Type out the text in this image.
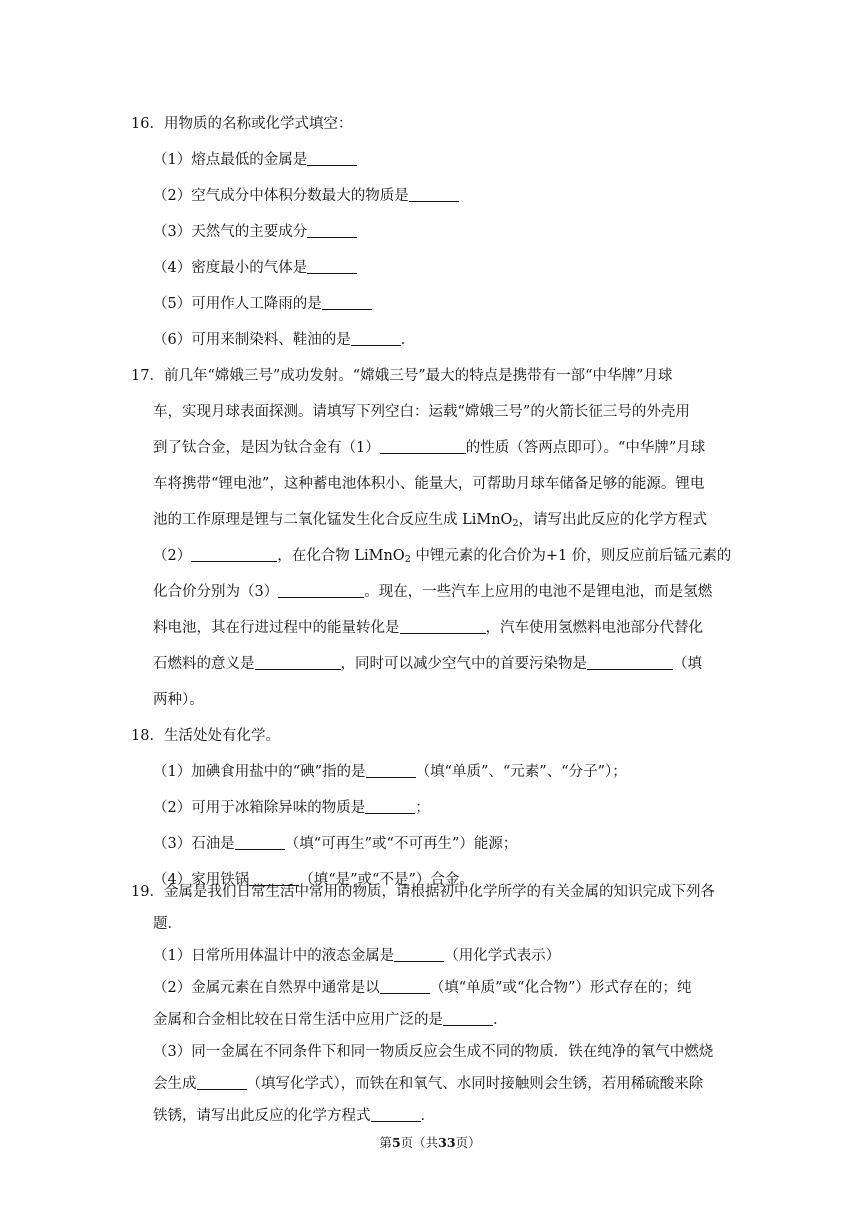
16．用物质的名称或化学式填空：
（1）熔点最低的金属是
（2）空气成分中体积分数最大的物质是
（3）天然气的主要成分
（4）密度最小的气体是
（5）可用作人工降雨的是
（6）可用来制染料、鞋油的是	．
17．前几年“嫦娥三号”成功发射。“嫦娥三号”最大的特点是携带有一部“中华牌”月球
车，实现月球表面探测。请填写下列空白：运载“嫦娥三号”的火箭长征三号的外壳用
到了钛合金，是因为钛合金有（1）	的性质（答两点即可）。“中华牌”月球
车将携带“锂电池”，这种蓄电池体积小、能量大，可帮助月球车储备足够的能源。锂电
池的工作原理是锂与二氧化锰发生化合反应生成 LiMnO$_2$，请写出此反应的化学方程式
（2）	，在化合物 LiMnO$_2$ 中锂元素的化合价为+1 价，则反应前后锰元素的
化合价分别为（3）	。现在，一些汽车上应用的电池不是锂电池，而是氢燃
料电池，其在行进过程中的能量转化是	，汽车使用氢燃料电池部分代替化
石燃料的意义是	，同时可以减少空气中的首要污染物是	（填
两种）。
18．生活处处有化学。
（1）加碘食用盐中的“碘”指的是	（填“单质”、“元素”、“分子”）；
（2）可用于冰箱除异味的物质是	；
（3）石油是	（填“可再生”或“不可再生”）能源；
（4）家用铁锅	（填“是”或“不是”）合金。
19．金属是我们日常生活中常用的物质，请根据初中化学所学的有关金属的知识完成下列各
题．
（1）日常所用体温计中的液态金属是	（用化学式表示）
（2）金属元素在自然界中通常是以	（填“单质”或“化合物”）形式存在的；纯
金属和合金相比较在日常生活中应用广泛的是	．
（3）同一金属在不同条件下和同一物质反应会生成不同的物质．铁在纯净的氧气中燃烧
第5页（共33页）
会生成	（填写化学式），而铁在和氧气、水同时接触则会生锈，若用稀硫酸来除
铁锈，请写出此反应的化学方程式	．
